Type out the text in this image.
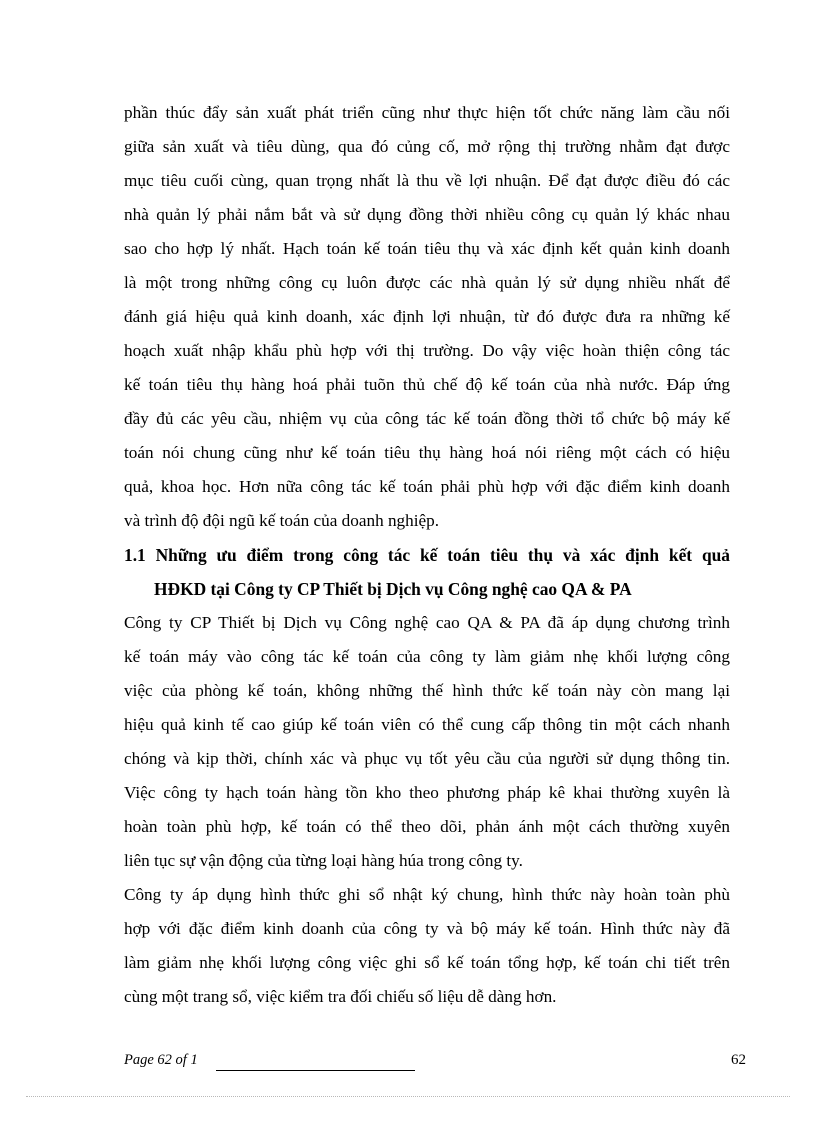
phần thúc đẩy sản xuất phát triển cũng như thực hiện tốt chức năng làm cầu nối
giữa sản xuất và tiêu dùng, qua đó củng cố, mở rộng thị trường nhằm đạt được
mục tiêu cuối cùng, quan trọng nhất là thu về lợi nhuận. Để đạt được điều đó các
nhà quản lý phải nắm bắt và sử dụng đồng thời nhiều công cụ quản lý khác nhau
sao cho hợp lý nhất. Hạch toán kế toán tiêu thụ và xác định kết quản kinh doanh
là một trong những công cụ luôn được các nhà quản lý sử dụng nhiều nhất để
đánh giá hiệu quả kinh doanh, xác định lợi nhuận, từ đó được đưa ra những kế
hoạch xuất nhập khẩu phù hợp với thị trường. Do vậy việc hoàn thiện công tác
kế toán tiêu thụ hàng hoá phải tuõn thủ chế độ kế toán của nhà nước. Đáp ứng
đầy đủ các yêu cầu, nhiệm vụ của công tác kế toán đồng thời tổ chức bộ máy kế
toán nói chung cũng như kế toán tiêu thụ hàng hoá nói riêng một cách có hiệu
quả, khoa học. Hơn nữa công tác kế toán phải phù hợp với đặc điểm kinh doanh
và trình độ đội ngũ kế toán của doanh nghiệp.
1.1 Những ưu điểm trong công tác kế toán tiêu thụ và xác định kết quả
HĐKD tại Công ty CP Thiết bị Dịch vụ Công nghệ cao QA & PA
Công ty CP Thiết bị Dịch vụ Công nghệ cao QA & PA đã áp dụng chương trình
kế toán máy vào công tác kế toán của công ty làm giảm nhẹ khối lượng công
việc của phòng kế toán, không những thế hình thức kế toán này còn mang lại
hiệu quả kinh tế cao giúp kế toán viên có thể cung cấp thông tin một cách nhanh
chóng và kịp thời, chính xác và phục vụ tốt yêu cầu của người sử dụng thông tin.
Việc công ty hạch toán hàng tồn kho theo phương pháp kê khai thường xuyên là
hoàn toàn phù hợp, kế toán có thể theo dõi, phản ánh một cách thường xuyên
liên tục sự vận động của từng loại hàng húa trong công ty.
Công ty áp dụng hình thức ghi sổ nhật ký chung, hình thức này hoàn toàn phù
hợp với đặc điểm kinh doanh của công ty và bộ máy kế toán. Hình thức này đã
làm giảm nhẹ khối lượng công việc ghi sổ kế toán tổng hợp, kế toán chi tiết trên
cùng một trang sổ, việc kiểm tra đối chiếu số liệu dễ dàng hơn.
Page 62 of 1	62
